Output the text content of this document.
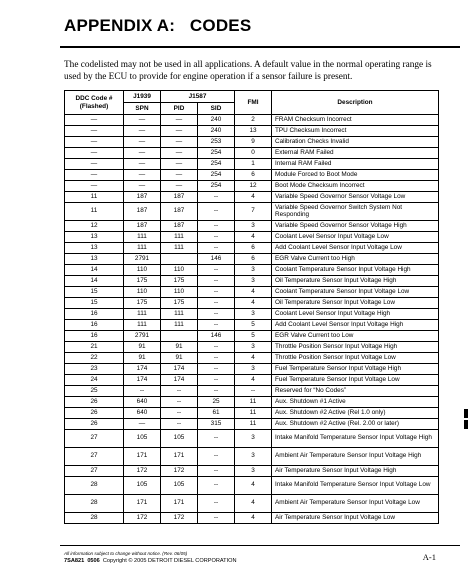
APPENDIX A: CODES
The codelisted may not be used in all applications. A default value in the normal operating range is used by the ECU to provide for engine operation if a sensor failure is present.
DDC Code #
(Flashed)	J1939	J1587		FMI	Description
	SPN	PID	SID		
—	—	—	240	2	FRAM Checksum Incorrect
—	—	—	240	13	TPU Checksum Incorrect
—	—	—	253	9	Calibration Checks Invalid
—	—	—	254	0	External RAM Failed
—	—	—	254	1	Internal RAM Failed
—	—	—	254	6	Module Forced to Boot Mode
—	—	—	254	12	Boot Mode Checksum Incorrect
11	187	187	--	4	Variable Speed Governor Sensor Voltage Low
11	187	187	--	7	Variable Speed Governor Switch System Not Responding
12	187	187	--	3	Variable Speed Governor Sensor Voltage High
13	111	111	--	4	Coolant Level Sensor Input Voltage Low
13	111	111	--	6	Add Coolant Level Sensor Input Voltage Low
13	2791		146	6	EGR Valve Current too High
14	110	110	--	3	Coolant Temperature Sensor Input Voltage High
14	175	175	--	3	Oil Temperature Sensor Input Voltage High
15	110	110	--	4	Coolant Temperature Sensor Input Voltage Low
15	175	175	--	4	Oil Temperature Sensor Input Voltage Low
16	111	111	--	3	Coolant Level Sensor Input Voltage High
16	111	111	--	5	Add Coolant Level Sensor Input Voltage High
16	2791		146	5	EGR Valve Current too Low
21	91	91	--	3	Throttle Position Sensor Input Voltage High
22	91	91	--	4	Throttle Position Sensor Input Voltage Low
23	174	174	--	3	Fuel Temperature Sensor Input Voltage High
24	174	174	--	4	Fuel Temperature Sensor Input Voltage Low
25	--	--	--	--	Reserved for “No Codes”
26	640	--	25	11	Aux. Shutdown #1 Active
26	640	--	61	11	Aux. Shutdown #2 Active (Rel 1.0 only)
26	—	--	315	11	Aux. Shutdown #2 Active (Rel. 2.00 or later)
27	105	105	--	3	Intake Manifold Temperature Sensor Input Voltage High
27	171	171	--	3	Ambient Air Temperature Sensor Input Voltage High
27	172	172	--	3	Air Temperature Sensor Input Voltage High
28	105	105	--	4	Intake Manifold Temperature Sensor Input Voltage Low
28	171	171	--	4	Ambient Air Temperature Sensor Input Voltage Low
28	172	172	--	4	Air Temperature Sensor Input Voltage Low
All information subject to change without notice. (Rev. 06/05)
7SA821  0506 Copyright © 2005 DETROIT DIESEL CORPORATION	A-1
